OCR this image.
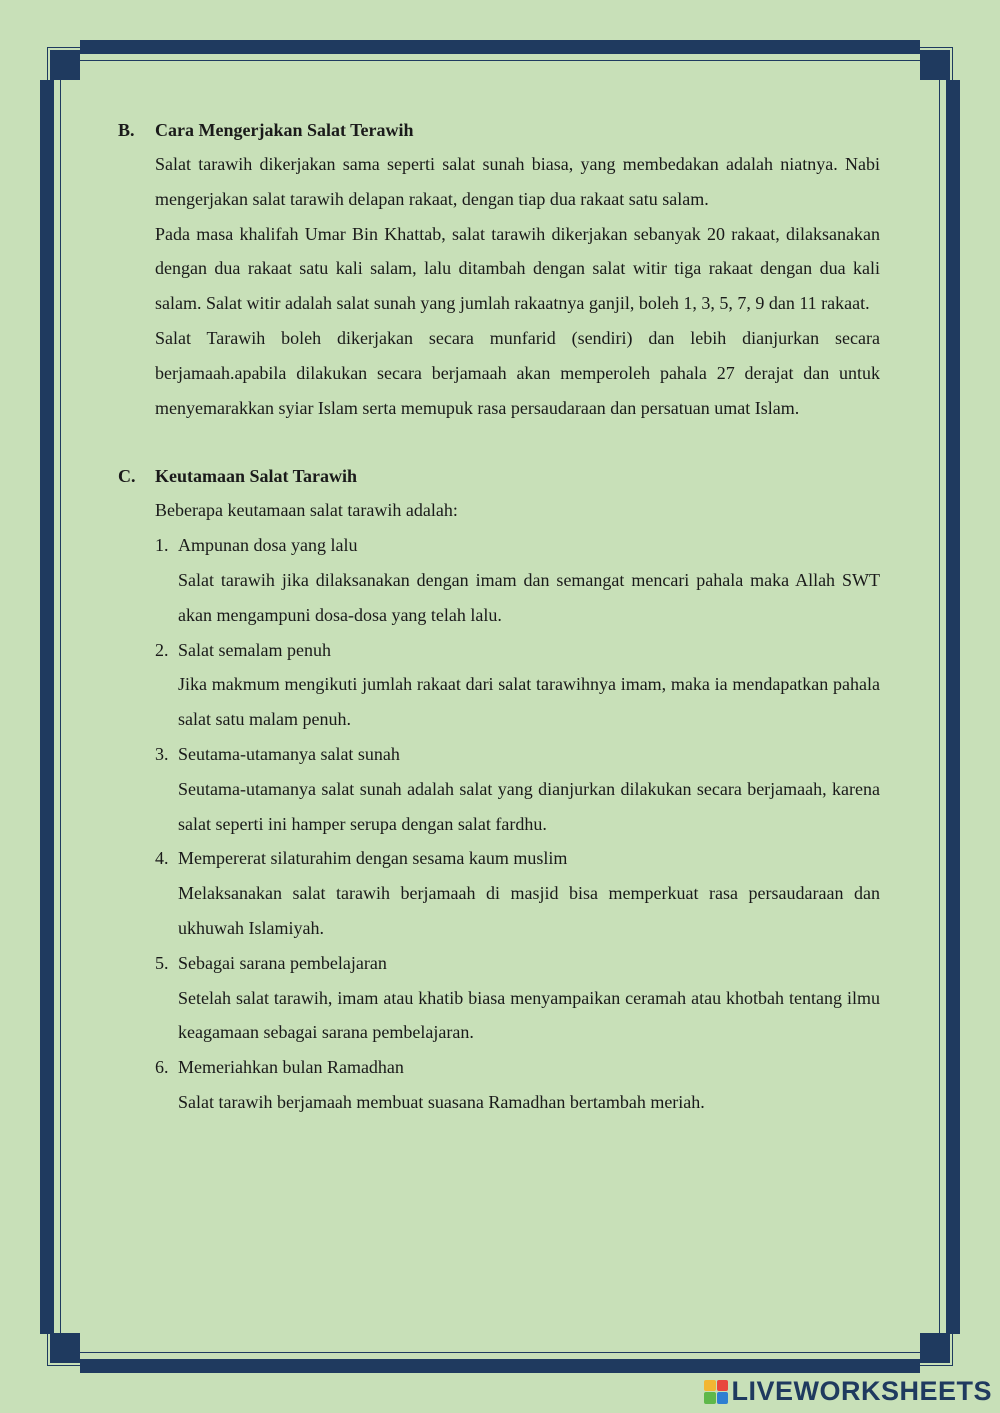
B.	Cara Mengerjakan Salat Terawih
Salat tarawih dikerjakan sama seperti salat sunah biasa, yang membedakan adalah niatnya. Nabi mengerjakan salat tarawih delapan rakaat, dengan tiap dua rakaat satu salam.
Pada masa khalifah Umar Bin Khattab, salat tarawih dikerjakan sebanyak 20 rakaat, dilaksanakan dengan dua rakaat satu kali salam, lalu ditambah dengan salat witir tiga rakaat dengan dua kali salam. Salat witir adalah salat sunah yang jumlah rakaatnya ganjil, boleh 1, 3, 5, 7, 9 dan 11 rakaat.
Salat Tarawih boleh dikerjakan secara munfarid (sendiri) dan lebih dianjurkan secara berjamaah.apabila dilakukan secara berjamaah akan memperoleh pahala 27 derajat dan untuk menyemarakkan syiar Islam serta memupuk rasa persaudaraan dan persatuan umat Islam.
C.	Keutamaan Salat Tarawih
Beberapa keutamaan salat tarawih adalah:
1. Ampunan dosa yang lalu
Salat tarawih jika dilaksanakan dengan imam dan semangat mencari pahala maka Allah SWT akan mengampuni dosa-dosa yang telah lalu.
2. Salat semalam penuh
Jika makmum mengikuti jumlah rakaat dari salat tarawihnya imam, maka ia mendapatkan pahala salat satu malam penuh.
3. Seutama-utamanya salat sunah
Seutama-utamanya salat sunah adalah salat yang dianjurkan dilakukan secara berjamaah, karena salat seperti ini hamper serupa dengan salat fardhu.
4. Mempererat silaturahim dengan sesama kaum muslim
Melaksanakan salat tarawih berjamaah di masjid bisa memperkuat rasa persaudaraan dan ukhuwah Islamiyah.
5. Sebagai sarana pembelajaran
Setelah salat tarawih, imam atau khatib biasa menyampaikan ceramah atau khotbah tentang ilmu keagamaan sebagai sarana pembelajaran.
6. Memeriahkan bulan Ramadhan
Salat tarawih berjamaah membuat suasana Ramadhan bertambah meriah.
LIVEWORKSHEETS
